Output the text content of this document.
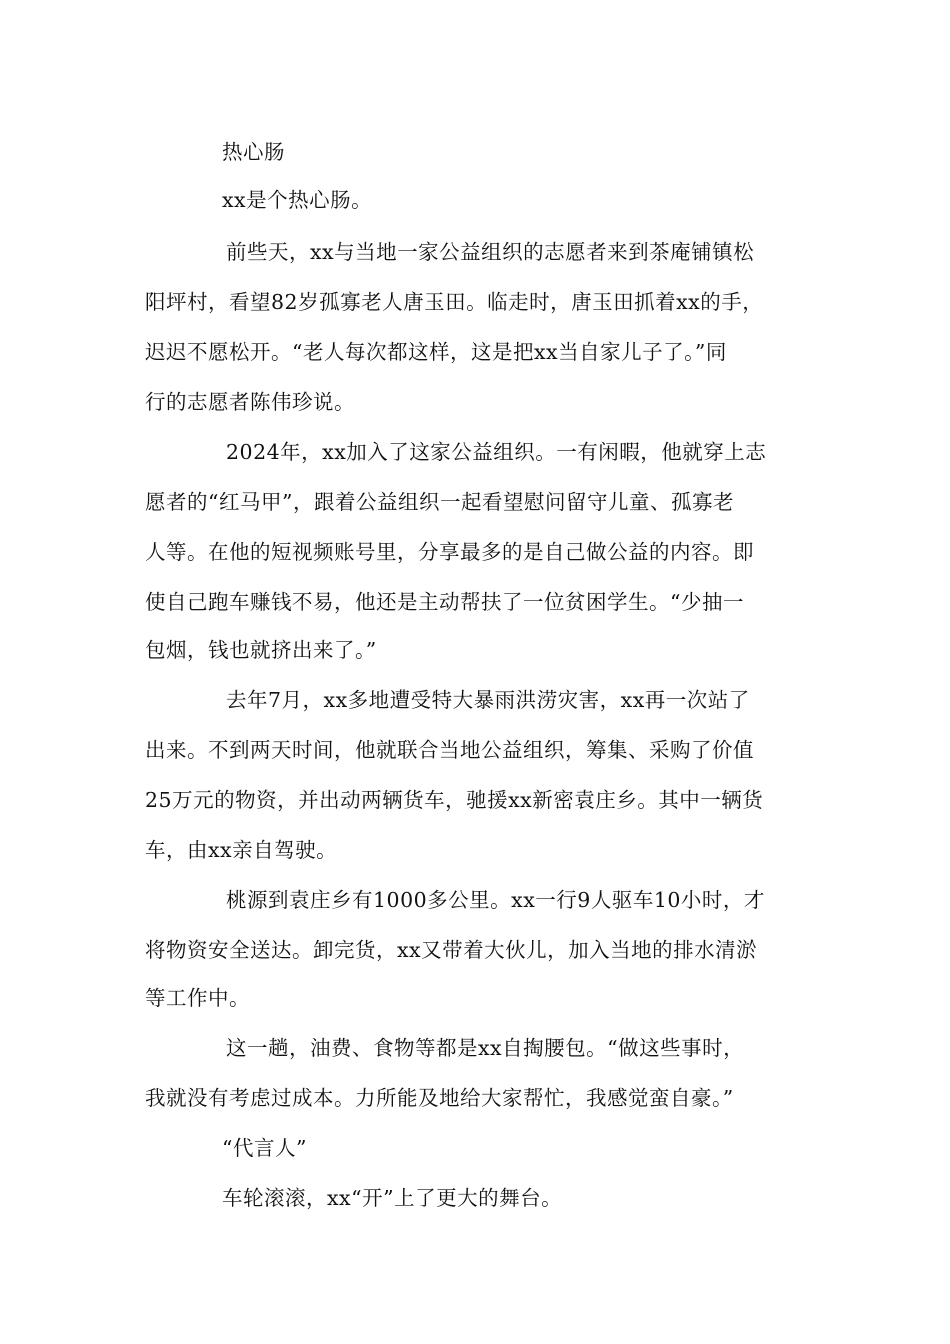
热心肠
xx是个热心肠。
前些天，xx与当地一家公益组织的志愿者来到茶庵铺镇松
阳坪村，看望82岁孤寡老人唐玉田。临走时，唐玉田抓着xx的手，
迟迟不愿松开。“老人每次都这样，这是把xx当自家儿子了。”同
行的志愿者陈伟珍说。
2024年，xx加入了这家公益组织。一有闲暇，他就穿上志
愿者的“红马甲”，跟着公益组织一起看望慰问留守儿童、孤寡老
人等。在他的短视频账号里，分享最多的是自己做公益的内容。即
使自己跑车赚钱不易，他还是主动帮扶了一位贫困学生。“少抽一
包烟，钱也就挤出来了。”
去年7月，xx多地遭受特大暴雨洪涝灾害，xx再一次站了
出来。不到两天时间，他就联合当地公益组织，筹集、采购了价值
25万元的物资，并出动两辆货车，驰援xx新密袁庄乡。其中一辆货
车，由xx亲自驾驶。
桃源到袁庄乡有1000多公里。xx一行9人驱车10小时，才
将物资安全送达。卸完货，xx又带着大伙儿，加入当地的排水清淤
等工作中。
这一趟，油费、食物等都是xx自掏腰包。“做这些事时，
我就没有考虑过成本。力所能及地给大家帮忙，我感觉蛮自豪。”
“代言人”
车轮滚滚，xx“开”上了更大的舞台。
